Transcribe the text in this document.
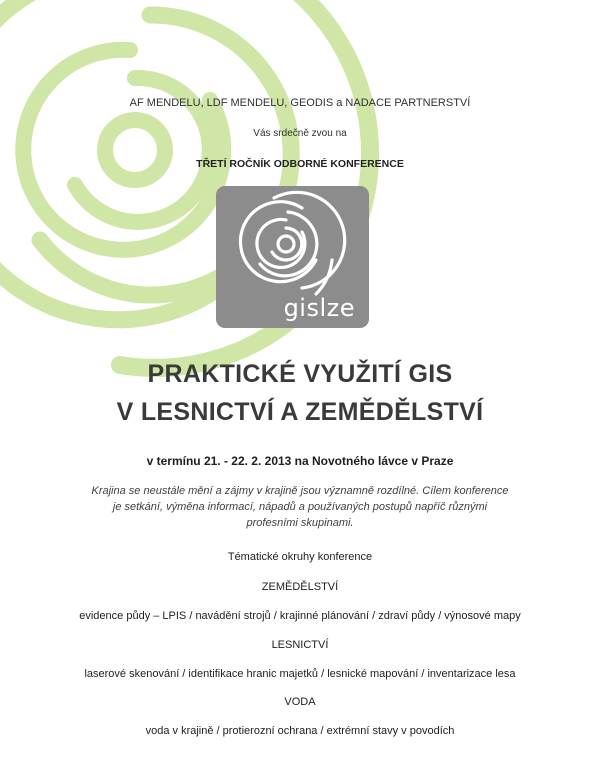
AF MENDELU, LDF MENDELU, GEODIS a NADACE PARTNERSTVÍ
Vás srdečně zvou na
TŘETÍ ROČNÍK ODBORNÉ KONFERENCE
gislze
PRAKTICKÉ VYUŽITÍ GIS
V LESNICTVÍ A ZEMĚDĚLSTVÍ
v termínu 21. - 22. 2. 2013 na Novotného lávce v Praze
Krajina se neustále mění a zájmy v krajině jsou významně rozdílné. Cílem konference je setkání, výměna informací, nápadů a používaných postupů napříč různými profesními skupinami.
Tématické okruhy konference
ZEMĚDĚLSTVÍ
evidence půdy – LPIS / navádění strojů / krajinné plánování / zdraví půdy / výnosové mapy
LESNICTVÍ
laserové skenování / identifikace hranic majetků / lesnické mapování / inventarizace lesa
VODA
voda v krajině / protierozní ochrana / extrémní stavy v povodích
